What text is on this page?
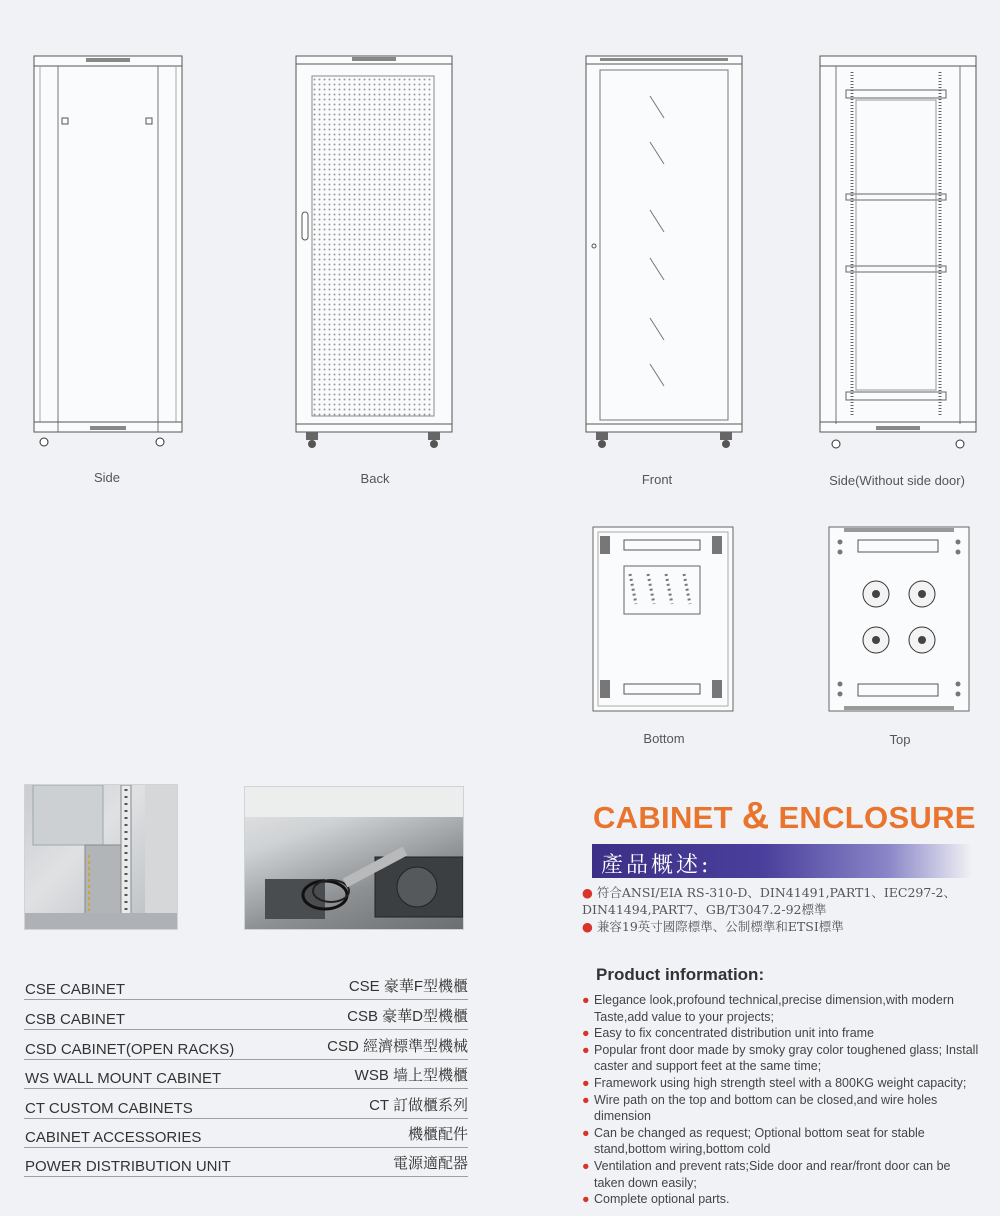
Side	Back	Front	Side(Without side door)
Bottom	Top
CSE CABINET	CSE 豪華F型機櫃
CSB CABINET	CSB 豪華D型機櫃
CSD CABINET(OPEN RACKS)	CSD 經濟標準型機械
WS WALL MOUNT CABINET	WSB 墙上型機櫃
CT CUSTOM CABINETS	CT 訂做櫃系列
CABINET ACCESSORIES	機櫃配件
POWER DISTRIBUTION UNIT	電源適配器
CABINET & ENCLOSURE
產品概述:
● 符合ANSI/EIA RS-310-D、DIN41491,PART1、IEC297-2、DIN41494,PART7、GB/T3047.2-92標準
● 兼容19英寸國際標準、公制標準和ETSI標準
Product information:
● Elegance look,profound technical,precise dimension,with modern Taste,add value to your projects;
● Easy to fix concentrated distribution unit into frame
● Popular front door made by smoky gray color toughened glass; Install caster and support feet at the same time;
● Framework using high strength steel with a 800KG weight capacity;
● Wire path on the top and bottom can be closed,and wire holes dimension
● Can be changed as request; Optional bottom seat for stable stand,bottom wiring,bottom cold
● Ventilation and prevent rats;Side door and rear/front door can be taken down easily;
● Complete optional parts.
